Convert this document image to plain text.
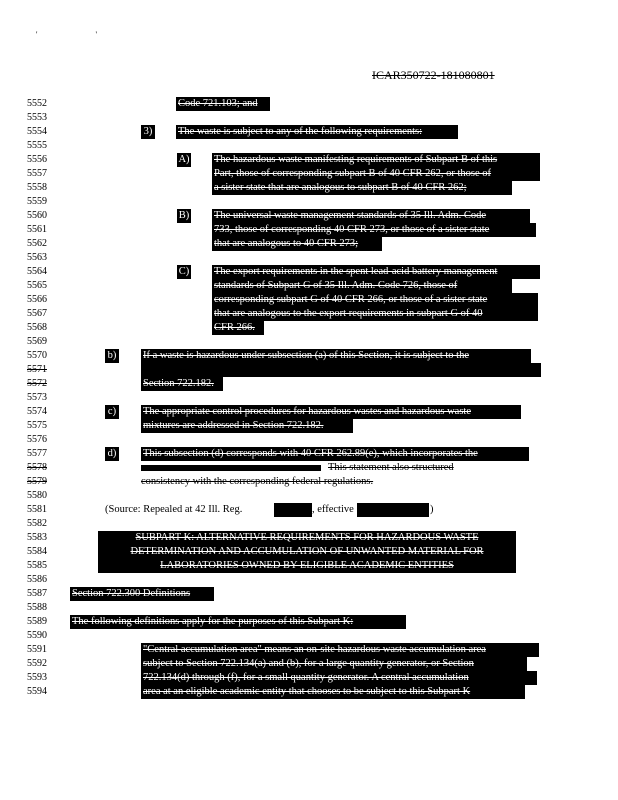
' '
ICAR350722-181080801
5552
5553
5554
5555
5556
5557
5558
5559
5560
5561
5562
5563
5564
5565
5566
5567
5568
5569
5570
5571
5572
5573
5574
5575
5576
5577
5578
5579
5580
5581
5582
5583
5584
5585
5586
5587
5588
5589
5590
5591
5592
5593
5594
Code 721.103; and
3) The waste is subject to any of the following requirements:
A) The hazardous waste manifesting requirements of Subpart B of this
Part, those of corresponding subpart B of 40 CFR 262, or those of
a sister state that are analogous to subpart B of 40 CFR 262;
B) The universal waste management standards of 35 Ill. Adm. Code
733, those of corresponding 40 CFR 273, or those of a sister state
that are analogous to 40 CFR 273;
C) The export requirements in the spent lead-acid battery management
standards of Subpart G of 35 Ill. Adm. Code 726, those of
corresponding subpart G of 40 CFR 266, or those of a sister state
that are analogous to the export requirements in subpart G of 40
CFR 266.
b)	If a waste is hazardous under subsection (a) of this Section, it is subject to the
Section 722.182.
c)	The appropriate control procedures for hazardous wastes and hazardous waste
mixtures are addressed in Section 722.182.
d)	This subsection (d) corresponds with 40 CFR 262.89(e), which incorporates the
This statement also structured
consistency with the corresponding federal regulations.
(Source: Repealed at 42 Ill. Reg.	, effective	)
SUBPART K: ALTERNATIVE REQUIREMENTS FOR HAZARDOUS WASTE
DETERMINATION AND ACCUMULATION OF UNWANTED MATERIAL FOR
LABORATORIES OWNED BY ELIGIBLE ACADEMIC ENTITIES
Section 722.300 Definitions
The following definitions apply for the purposes of this Subpart K:
"Central accumulation area" means an on-site hazardous waste accumulation area
subject to Section 722.134(a) and (b), for a large quantity generator, or Section
722.134(d) through (f), for a small quantity generator. A central accumulation
area at an eligible academic entity that chooses to be subject to this Subpart K
